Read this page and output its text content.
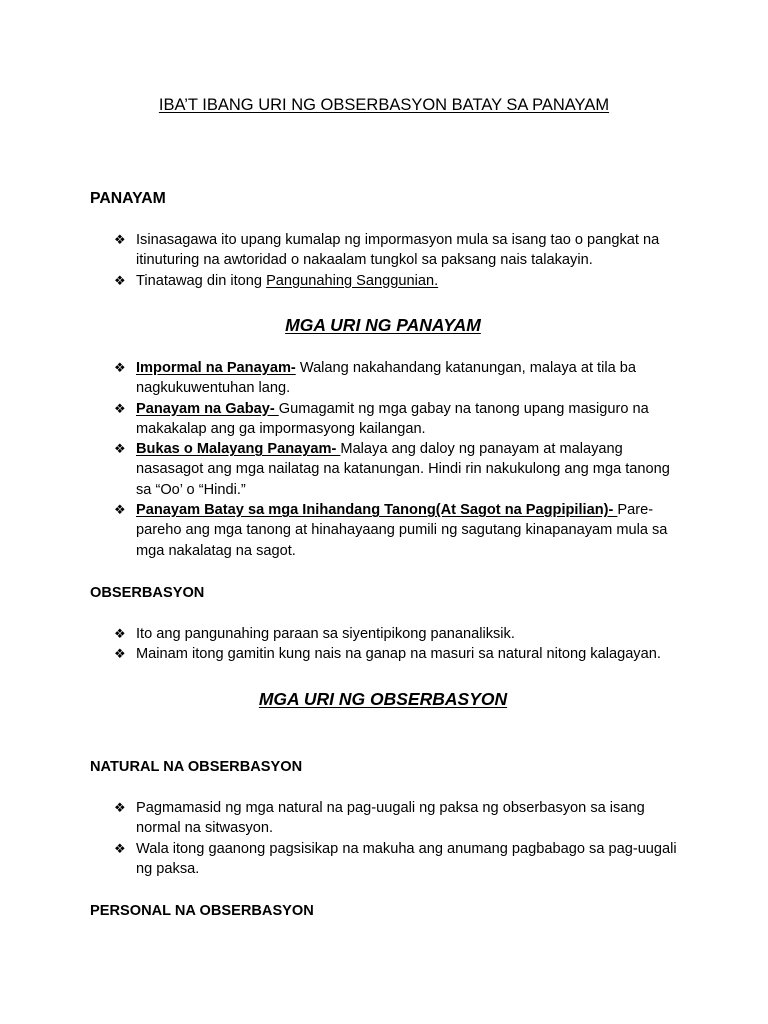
IBA’T IBANG URI NG OBSERBASYON BATAY SA PANAYAM

PANAYAM

❖ Isinasagawa ito upang kumalap ng impormasyon mula sa isang tao o pangkat na itinuturing na awtoridad o nakaalam tungkol sa paksang nais talakayin.
❖ Tinatawag din itong Pangunahing Sanggunian.

MGA URI NG PANAYAM

❖ Impormal na Panayam- Walang nakahandang katanungan, malaya at tila ba nagkukuwentuhan lang.
❖ Panayam na Gabay- Gumagamit ng mga gabay na tanong upang masiguro na makakalap ang ga impormasyong kailangan.
❖ Bukas o Malayang Panayam- Malaya ang daloy ng panayam at malayang nasasagot ang mga nailatag na katanungan. Hindi rin nakukulong ang mga tanong sa “Oo’ o “Hindi.”
❖ Panayam Batay sa mga Inihandang Tanong(At Sagot na Pagpipilian)- Pare-pareho ang mga tanong at hinahayaang pumili ng sagutang kinapanayam mula sa mga nakalatag na sagot.

OBSERBASYON

❖ Ito ang pangunahing paraan sa siyentipikong pananaliksik.
❖ Mainam itong gamitin kung nais na ganap na masuri sa natural nitong kalagayan.

MGA URI NG OBSERBASYON

NATURAL NA OBSERBASYON

❖ Pagmamasid ng mga natural na pag-uugali ng paksa ng obserbasyon sa isang normal na sitwasyon.
❖ Wala itong gaanong pagsisikap na makuha ang anumang pagbabago sa pag-uugali ng paksa.

PERSONAL NA OBSERBASYON
